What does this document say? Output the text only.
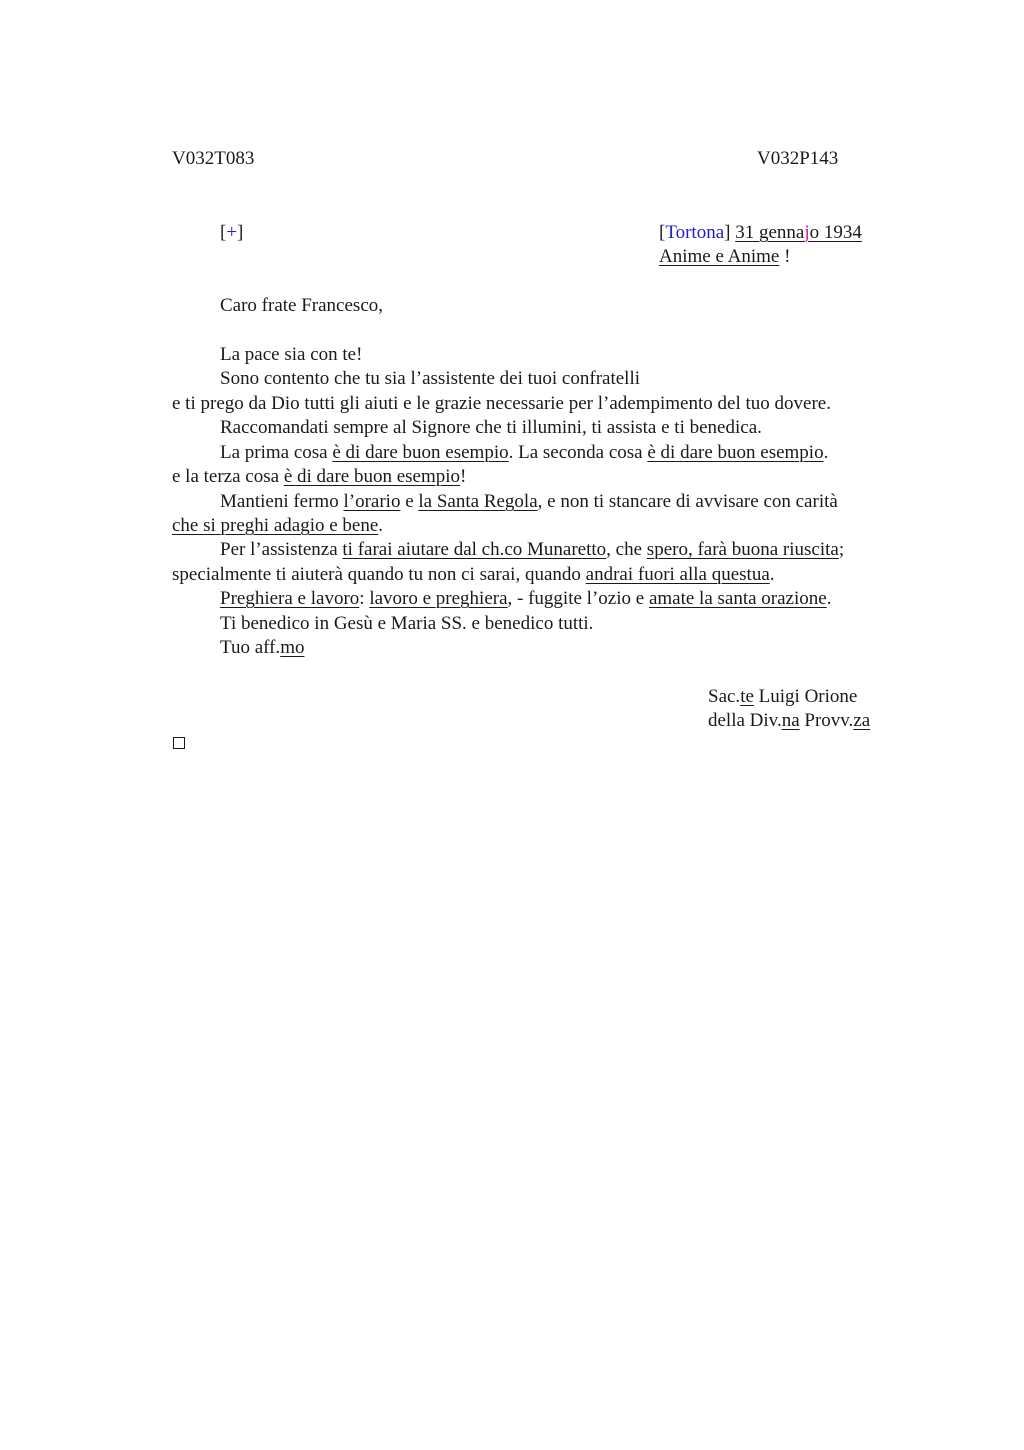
V032T083	V032P143
[+]	[Tortona] 31 gennajo 1934
Anime e Anime !
Caro frate Francesco,
La pace sia con te!
Sono contento che tu sia l’assistente dei tuoi confratelli
e ti prego da Dio tutti gli aiuti e le grazie necessarie per l’adempimento del tuo dovere.
Raccomandati sempre al Signore che ti illumini, ti assista e ti benedica.
La prima cosa è di dare buon esempio. La seconda cosa è di dare buon esempio.
e la terza cosa è di dare buon esempio!
Mantieni fermo l’orario e la Santa Regola, e non ti stancare di avvisare con carità
che si preghi adagio e bene.
Per l’assistenza ti farai aiutare dal ch.co Munaretto, che spero, farà buona riuscita;
specialmente ti aiuterà quando tu non ci sarai, quando andrai fuori alla questua.
Preghiera e lavoro: lavoro e preghiera, - fuggite l’ozio e amate la santa orazione.
Ti benedico in Gesù e Maria SS. e benedico tutti.
Tuo aff.mo
Sac.te Luigi Orione
della Div.na Provv.za
